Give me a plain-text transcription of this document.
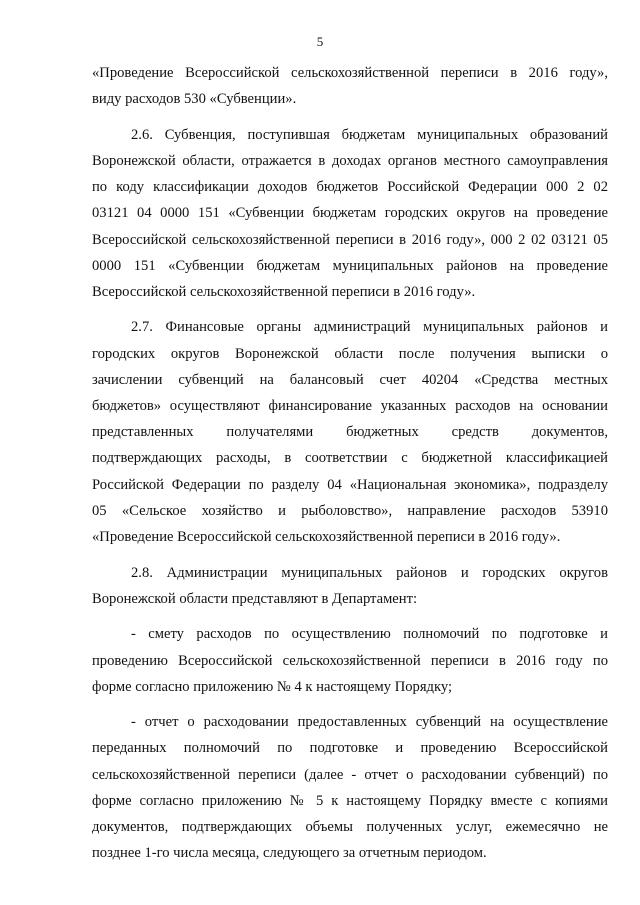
5
«Проведение Всероссийской сельскохозяйственной переписи в 2016 году»,
виду расходов 530 «Субвенции».
2.6. Субвенция, поступившая бюджетам муниципальных образований
Воронежской области, отражается в доходах органов местного самоуправления
по коду классификации доходов бюджетов Российской Федерации 000 2 02
03121 04 0000 151 «Субвенции бюджетам городских округов на проведение
Всероссийской сельскохозяйственной переписи в 2016 году», 000 2 02 03121 05
0000 151 «Субвенции бюджетам муниципальных районов на проведение
Всероссийской сельскохозяйственной переписи в 2016 году».
2.7. Финансовые органы администраций муниципальных районов и
городских округов Воронежской области после получения выписки о
зачислении субвенций на балансовый счет 40204 «Средства местных
бюджетов» осуществляют финансирование указанных расходов на основании
представленных получателями бюджетных средств документов,
подтверждающих расходы, в соответствии с бюджетной классификацией
Российской Федерации по разделу 04 «Национальная экономика», подразделу
05 «Сельское хозяйство и рыболовство», направление расходов 53910
«Проведение Всероссийской сельскохозяйственной переписи в 2016 году».
2.8. Администрации муниципальных районов и городских округов
Воронежской области представляют в Департамент:
- смету расходов по осуществлению полномочий по подготовке и
проведению Всероссийской сельскохозяйственной переписи в 2016 году по
форме согласно приложению № 4 к настоящему Порядку;
- отчет о расходовании предоставленных субвенций на осуществление
переданных полномочий по подготовке и проведению Всероссийской
сельскохозяйственной переписи (далее - отчет о расходовании субвенций) по
форме согласно приложению № 5 к настоящему Порядку вместе с копиями
документов, подтверждающих объемы полученных услуг, ежемесячно не
позднее 1-го числа месяца, следующего за отчетным периодом.
